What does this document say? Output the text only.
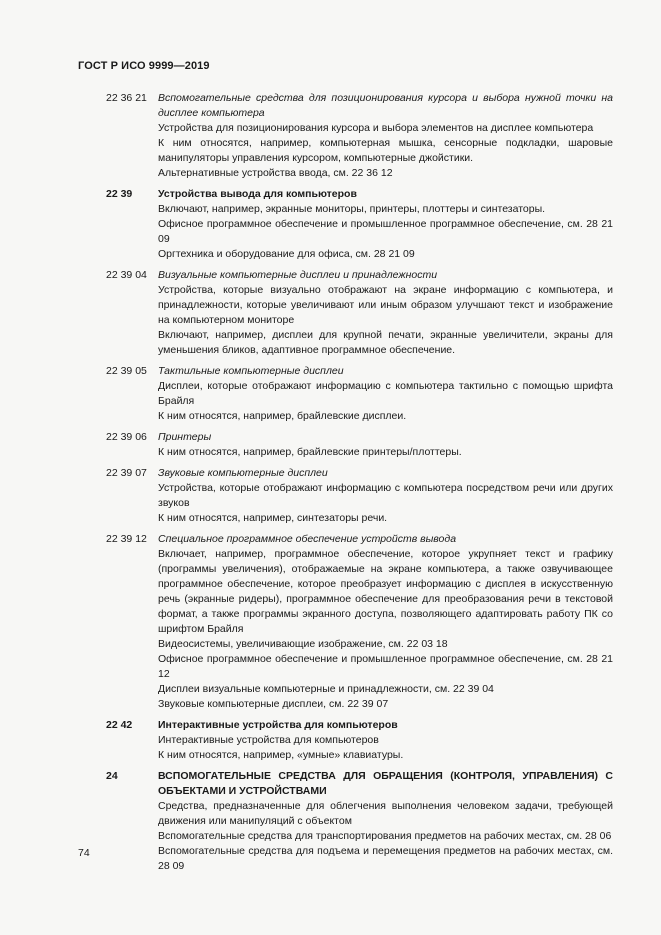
ГОСТ Р ИСО 9999—2019
22 36 21 Вспомогательные средства для позиционирования курсора и выбора нужной точки на дисплее компьютера
Устройства для позиционирования курсора и выбора элементов на дисплее компьютера
К ним относятся, например, компьютерная мышка, сенсорные подкладки, шаровые манипуляторы управления курсором, компьютерные джойстики.
Альтернативные устройства ввода, см. 22 36 12
22 39 Устройства вывода для компьютеров
Включают, например, экранные мониторы, принтеры, плоттеры и синтезаторы.
Офисное программное обеспечение и промышленное программное обеспечение, см. 28 21 09
Оргтехника и оборудование для офиса, см. 28 21 09
22 39 04 Визуальные компьютерные дисплеи и принадлежности
Устройства, которые визуально отображают на экране информацию с компьютера, и принадлежности, которые увеличивают или иным образом улучшают текст и изображение на компьютерном мониторе
Включают, например, дисплеи для крупной печати, экранные увеличители, экраны для уменьшения бликов, адаптивное программное обеспечение.
22 39 05 Тактильные компьютерные дисплеи
Дисплеи, которые отображают информацию с компьютера тактильно с помощью шрифта Брайля
К ним относятся, например, брайлевские дисплеи.
22 39 06 Принтеры
К ним относятся, например, брайлевские принтеры/плоттеры.
22 39 07 Звуковые компьютерные дисплеи
Устройства, которые отображают информацию с компьютера посредством речи или других звуков
К ним относятся, например, синтезаторы речи.
22 39 12 Специальное программное обеспечение устройств вывода
Включает, например, программное обеспечение, которое укрупняет текст и графику (программы увеличения), отображаемые на экране компьютера, а также озвучивающее программное обеспечение, которое преобразует информацию с дисплея в искусственную речь (экранные ридеры), программное обеспечение для преобразования речи в текстовой формат, а также программы экранного доступа, позволяющего адаптировать работу ПК со шрифтом Брайля
Видеосистемы, увеличивающие изображение, см. 22 03 18
Офисное программное обеспечение и промышленное программное обеспечение, см. 28 21 12
Дисплеи визуальные компьютерные и принадлежности, см. 22 39 04
Звуковые компьютерные дисплеи, см. 22 39 07
22 42 Интерактивные устройства для компьютеров
Интерактивные устройства для компьютеров
К ним относятся, например, «умные» клавиатуры.
24	ВСПОМОГАТЕЛЬНЫЕ СРЕДСТВА ДЛЯ ОБРАЩЕНИЯ (КОНТРОЛЯ, УПРАВЛЕНИЯ) С ОБЪЕКТАМИ И УСТРОЙСТВАМИ
Средства, предназначенные для облегчения выполнения человеком задачи, требующей движения или манипуляций с объектом
Вспомогательные средства для транспортирования предметов на рабочих местах, см. 28 06
Вспомогательные средства для подъема и перемещения предметов на рабочих местах, см. 28 09
74
